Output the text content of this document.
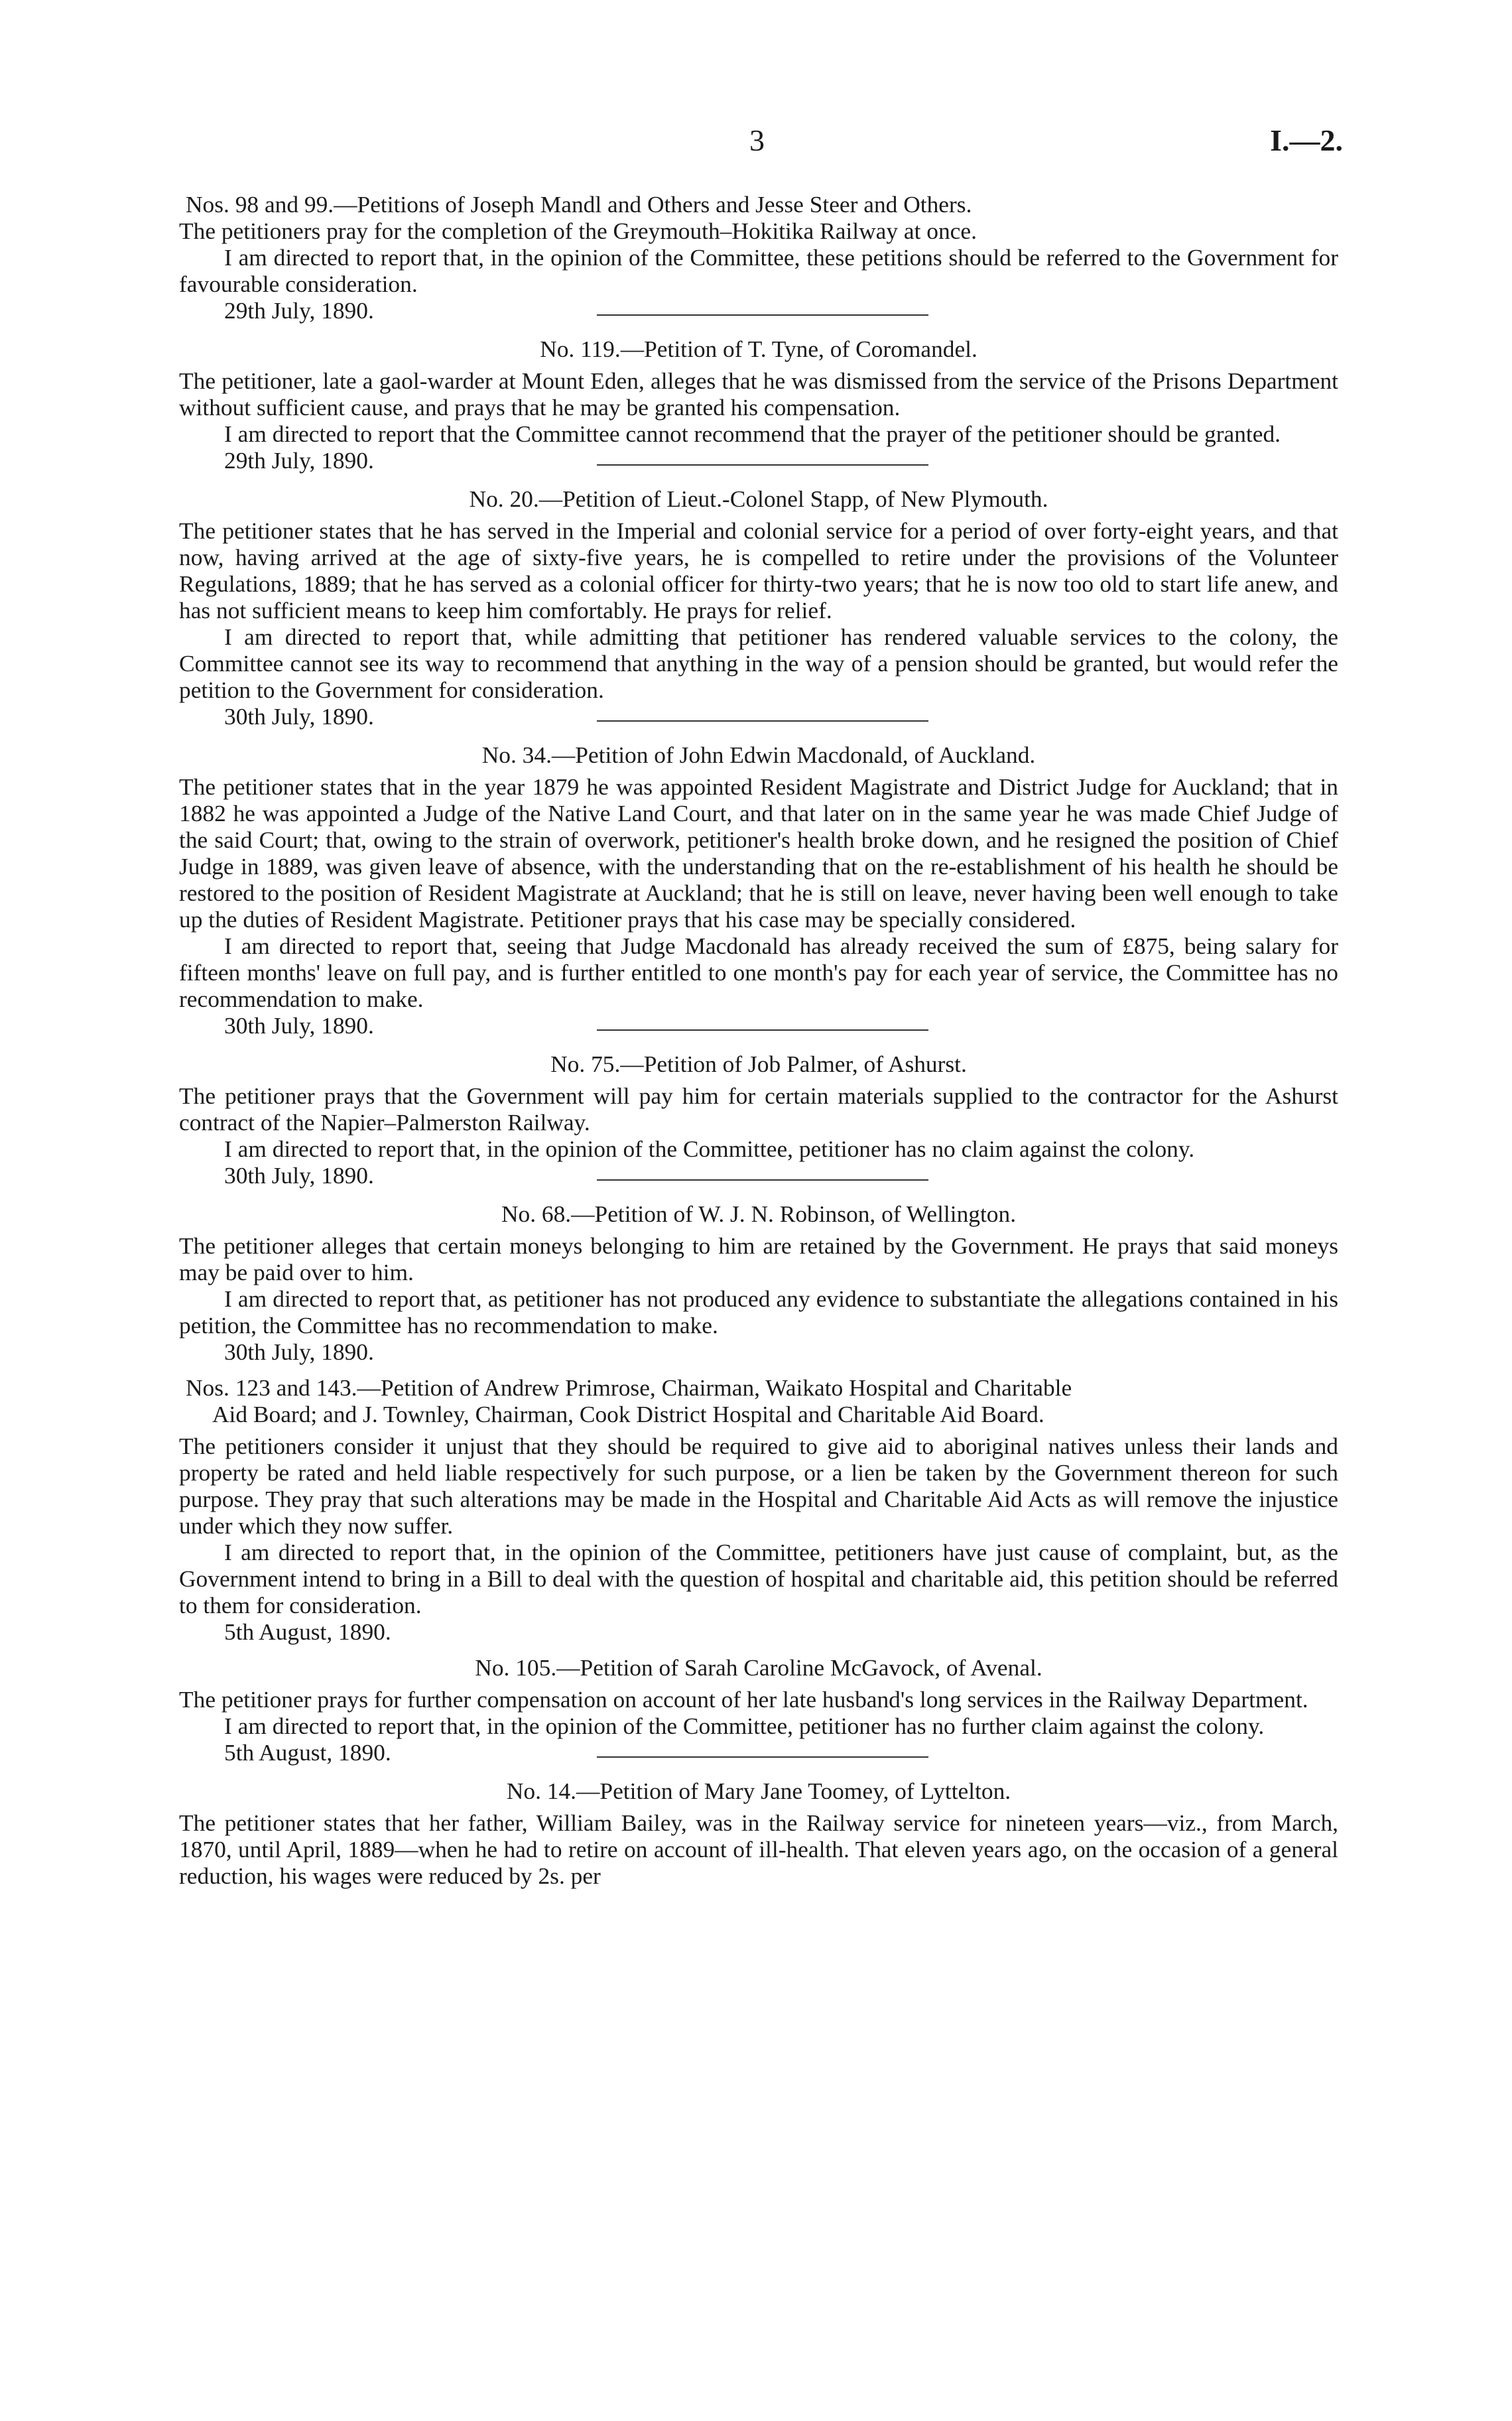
3	I.—2.

Nos. 98 and 99.—Petitions of Joseph Mandl and Others and Jesse Steer and Others.

The petitioners pray for the completion of the Greymouth–Hokitika Railway at once.

I am directed to report that, in the opinion of the Committee, these petitions should be referred to the Government for favourable consideration.

29th July, 1890.

No. 119.—Petition of T. Tyne, of Coromandel.

The petitioner, late a gaol-warder at Mount Eden, alleges that he was dismissed from the service of the Prisons Department without sufficient cause, and prays that he may be granted his compensation.

I am directed to report that the Committee cannot recommend that the prayer of the petitioner should be granted.

29th July, 1890.

No. 20.—Petition of Lieut.-Colonel Stapp, of New Plymouth.

The petitioner states that he has served in the Imperial and colonial service for a period of over forty-eight years, and that now, having arrived at the age of sixty-five years, he is compelled to retire under the provisions of the Volunteer Regulations, 1889; that he has served as a colonial officer for thirty-two years; that he is now too old to start life anew, and has not sufficient means to keep him comfortably. He prays for relief.

I am directed to report that, while admitting that petitioner has rendered valuable services to the colony, the Committee cannot see its way to recommend that anything in the way of a pension should be granted, but would refer the petition to the Government for consideration.

30th July, 1890.

No. 34.—Petition of John Edwin Macdonald, of Auckland.

The petitioner states that in the year 1879 he was appointed Resident Magistrate and District Judge for Auckland; that in 1882 he was appointed a Judge of the Native Land Court, and that later on in the same year he was made Chief Judge of the said Court; that, owing to the strain of overwork, petitioner's health broke down, and he resigned the position of Chief Judge in 1889, was given leave of absence, with the understanding that on the re-establishment of his health he should be restored to the position of Resident Magistrate at Auckland; that he is still on leave, never having been well enough to take up the duties of Resident Magistrate. Petitioner prays that his case may be specially considered.

I am directed to report that, seeing that Judge Macdonald has already received the sum of £875, being salary for fifteen months' leave on full pay, and is further entitled to one month's pay for each year of service, the Committee has no recommendation to make.

30th July, 1890.

No. 75.—Petition of Job Palmer, of Ashurst.

The petitioner prays that the Government will pay him for certain materials supplied to the contractor for the Ashurst contract of the Napier–Palmerston Railway.

I am directed to report that, in the opinion of the Committee, petitioner has no claim against the colony.

30th July, 1890.

No. 68.—Petition of W. J. N. Robinson, of Wellington.

The petitioner alleges that certain moneys belonging to him are retained by the Government. He prays that said moneys may be paid over to him.

I am directed to report that, as petitioner has not produced any evidence to substantiate the allegations contained in his petition, the Committee has no recommendation to make.

30th July, 1890.

Nos. 123 and 143.—Petition of Andrew Primrose, Chairman, Waikato Hospital and Charitable
Aid Board; and J. Townley, Chairman, Cook District Hospital and Charitable Aid Board.

The petitioners consider it unjust that they should be required to give aid to aboriginal natives unless their lands and property be rated and held liable respectively for such purpose, or a lien be taken by the Government thereon for such purpose. They pray that such alterations may be made in the Hospital and Charitable Aid Acts as will remove the injustice under which they now suffer.

I am directed to report that, in the opinion of the Committee, petitioners have just cause of complaint, but, as the Government intend to bring in a Bill to deal with the question of hospital and charitable aid, this petition should be referred to them for consideration.

5th August, 1890.

No. 105.—Petition of Sarah Caroline McGavock, of Avenal.

The petitioner prays for further compensation on account of her late husband's long services in the Railway Department.

I am directed to report that, in the opinion of the Committee, petitioner has no further claim against the colony.

5th August, 1890.

No. 14.—Petition of Mary Jane Toomey, of Lyttelton.

The petitioner states that her father, William Bailey, was in the Railway service for nineteen years—viz., from March, 1870, until April, 1889—when he had to retire on account of ill-health. That eleven years ago, on the occasion of a general reduction, his wages were reduced by 2s. per
